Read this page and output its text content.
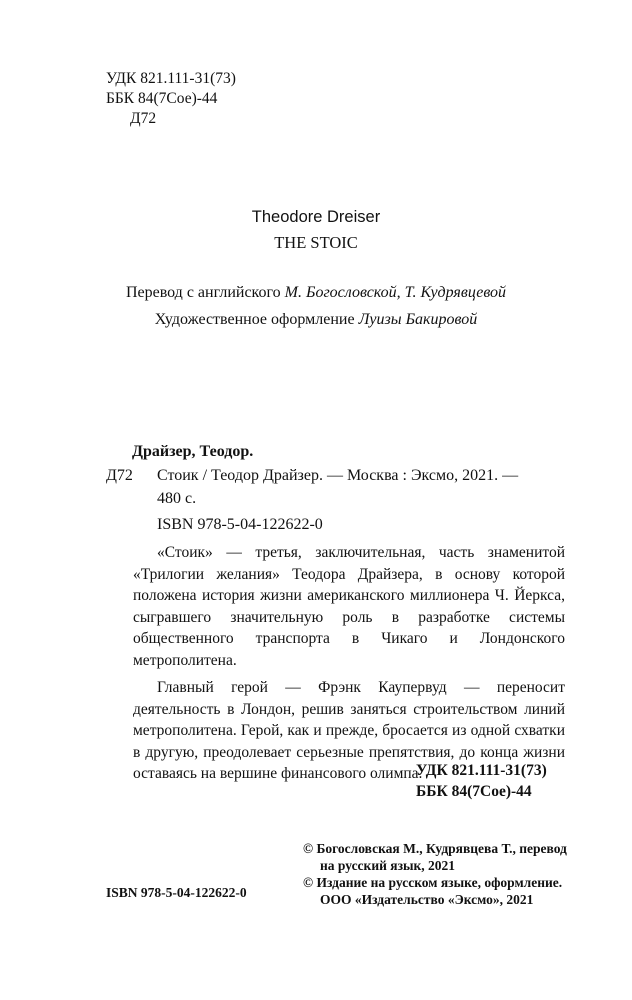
УДК 821.111-31(73)
ББК 84(7Сое)-44
Д72
Theodore Dreiser
THE STOIC
Перевод с английского М. Богословской, Т. Кудрявцевой
Художественное оформление Луизы Бакировой
Драйзер, Теодор.
Д72 Стоик / Теодор Драйзер. — Москва : Эксмо, 2021. —
480 с.
ISBN 978-5-04-122622-0

«Стоик» — третья, заключительная, часть знаменитой «Трилогии желания» Теодора Драйзера, в основу которой положена история жизни американского миллионера Ч. Йеркса, сыгравшего значительную роль в разработке системы общественного транспорта в Чикаго и Лондонского метрополитена.

Главный герой — Фрэнк Каупервуд — переносит деятельность в Лондон, решив заняться строительством линий метрополитена. Герой, как и прежде, бросается из одной схватки в другую, преодолевает серьезные препятствия, до конца жизни оставаясь на вершине финансового олимпа.

УДК 821.111-31(73)
ББК 84(7Сое)-44
ISBN 978-5-04-122622-0
© Богословская М., Кудрявцева Т., перевод
на русский язык, 2021
© Издание на русском языке, оформление.
ООО «Издательство «Эксмо», 2021
